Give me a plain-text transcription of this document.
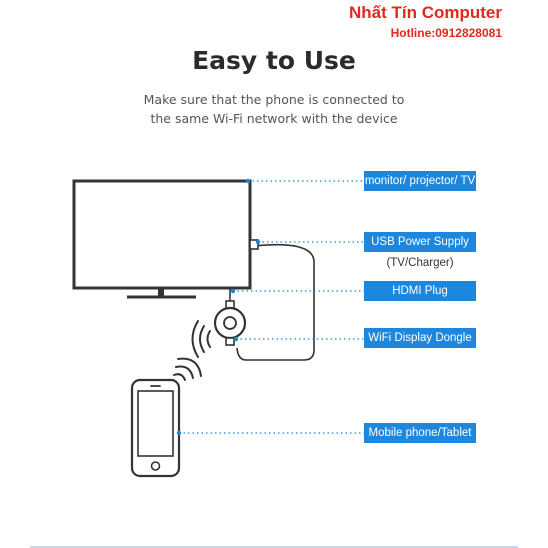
Nhất Tín Computer
Hotline:0912828081
Easy to Use
Make sure that the phone is connected to
the same Wi-Fi network with the device
monitor/ projector/ TV
USB Power Supply
(TV/Charger)
HDMI Plug
WiFi Display Dongle
Mobile phone/Tablet
